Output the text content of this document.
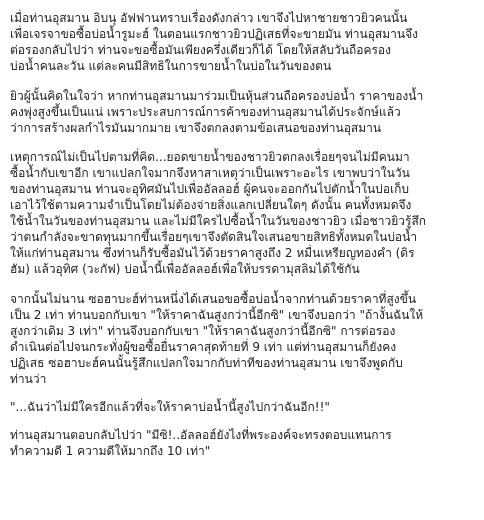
เมื่อท่านอุสมาน อิบนุ อัฟฟานทราบเรื่องดังกล่าว เขาจึงไปหาชายชาวยิวคนนั้น
เพื่อเจรจาขอซื้อบ่อน้ำรูมะฮ์ ในตอนแรกชาวยิวปฏิเสธที่จะขายมัน ท่านอุสมานจึง
ต่อรองกลับไปว่า ท่านจะขอซื้อมันเพียงครึ่งเดียวก็ได้ โดยให้สลับวันถือครอง
บ่อน้ำคนละวัน แต่ละคนมีสิทธิในการขายน้ำในบ่อในวันของตน

ยิวผู้นั้นคิดในใจว่า หากท่านอุสมานมาร่วมเป็นหุ้นส่วนถือครองบ่อน้ำ ราคาของน้ำ
คงพุ่งสูงขึ้นเป็นแน่ เพราะประสบการณ์การค้าของท่านอุสมานได้ประจักษ์แล้ว
ว่าการสร้างผลกำไรมันมากมาย เขาจึงตกลงตามข้อเสนอของท่านอุสมาน

เหตุการณ์ไม่เป็นไปตามที่คิด...ยอดขายน้ำของชาวยิวตกลงเรื่อยๆจนไม่มีคนมา
ซื้อน้ำกับเขาอีก เขาแปลกใจมากจึงหาสาเหตุว่าเป็นเพราะอะไร เขาพบว่าในวัน
ของท่านอุสมาน ท่านจะอุทิศมันไปเพื่ออัลลอฮ์ ผู้คนจะออกกันไปตักน้ำในบ่อเก็บ
เอาไว้ใช้ตามความจำเป็นโดยไม่ต้องจ่ายสิ่งแลกเปลี่ยนใดๆ ดังนั้น คนทั้งหมดจึง
ใช้น้ำในวันของท่านอุสมาน และไม่มีใครไปซื้อน้ำในวันของชาวยิว เมื่อชาวยิวรู้สึก
ว่าตนกำลังจะขาดทุนมากขึ้นเรื่อยๆเขาจึงตัดสินใจเสนอขายสิทธิทั้งหมดในบ่อน้ำ
ให้แก่ท่านอุสมาน ซึ่งท่านก็รับซื้อมันไว้ด้วยราคาสูงถึง 2 หมื่นเหรียญทองคำ (ดิร
ฮัม) แล้วอุทิศ (วะกัฟ) บ่อน้ำนี้เพื่ออัลลอฮ์เพื่อให้บรรดามุสลิมได้ใช้กัน

จากนั้นไม่นาน ซอฮาบะฮ์ท่านหนึ่งได้เสนอขอซื้อบ่อน้ำจากท่านด้วยราคาที่สูงขึ้น
เป็น 2 เท่า ท่านบอกกับเขา "ให้ราคาฉันสูงกว่านี้อีกซิ" เขาจึงบอกว่า "ถ้างั้นฉันให้
สูงกว่าเดิม 3 เท่า" ท่านจึงบอกกับเขา "ให้ราคาฉันสูงกว่านี้อีกซิ" การต่อรอง
ดำเนินต่อไปจนกระทั่งผู้ขอซื้อยื่นราคาสุดท้ายที่ 9 เท่า แต่ท่านอุสมานก็ยังคง
ปฏิเสธ ซอฮาบะฮ์คนนั้นรู้สึกแปลกใจมากกับท่าทีของท่านอุสมาน เขาจึงพูดกับ
ท่านว่า

"...ฉันว่าไม่มีใครอีกแล้วที่จะให้ราคาบ่อน้ำนี้สูงไปกว่าฉันอีก!!"

ท่านอุสมานตอบกลับไปว่า "มีซิ!..อัลลอฮ์ยังไงที่พระองค์จะทรงตอบแทนการ
ทำความดี 1 ความดีให้มากถึง 10 เท่า"
